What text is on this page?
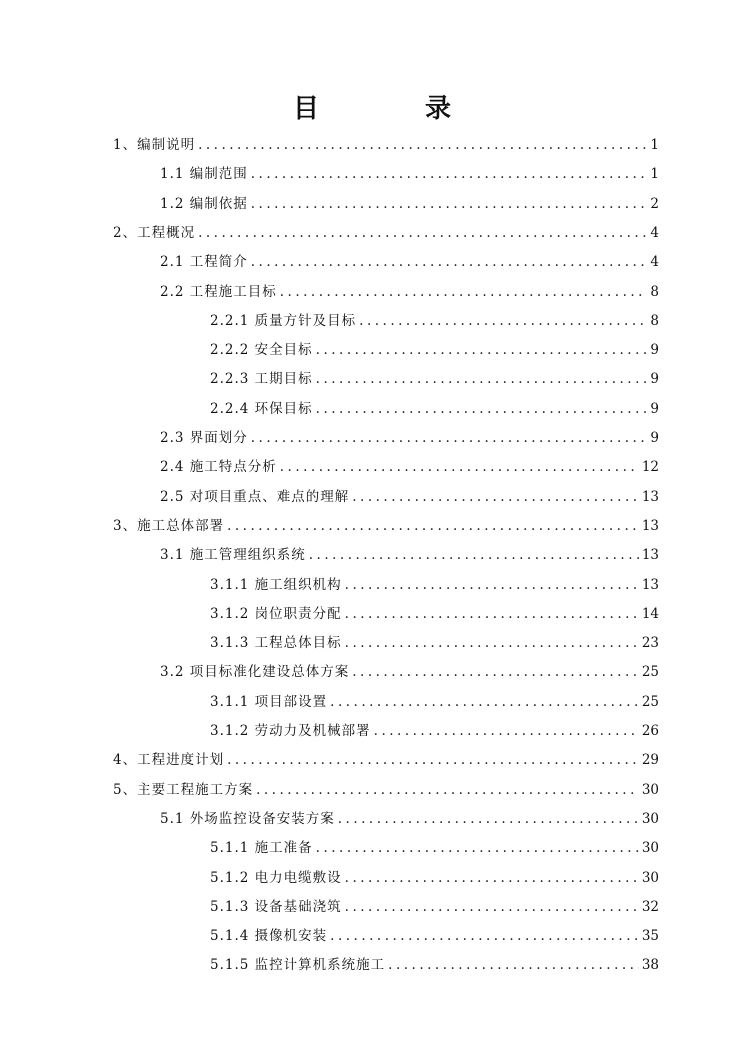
目　录
1、编制说明 .....	1
1.1 编制范围 .....	1
1.2 编制依据 .....	2
2、工程概况 .....	4
2.1 工程简介 .....	4
2.2 工程施工目标 .....	8
2.2.1 质量方针及目标 .....	8
2.2.2 安全目标 .....	9
2.2.3 工期目标 .....	9
2.2.4 环保目标 .....	9
2.3 界面划分 .....	9
2.4 施工特点分析 .....	12
2.5 对项目重点、难点的理解 .....	13
3、施工总体部署 .....	13
3.1 施工管理组织系统 .....	13
3.1.1 施工组织机构 .....	13
3.1.2 岗位职责分配 .....	14
3.1.3 工程总体目标 .....	23
3.2 项目标准化建设总体方案 .....	25
3.1.1 项目部设置 .....	25
3.1.2 劳动力及机械部署 .....	26
4、工程进度计划 .....	29
5、主要工程施工方案 .....	30
5.1 外场监控设备安装方案 .....	30
5.1.1 施工准备 .....	30
5.1.2 电力电缆敷设 .....	30
5.1.3 设备基础浇筑 .....	32
5.1.4 摄像机安装 .....	35
5.1.5 监控计算机系统施工 .....	38
